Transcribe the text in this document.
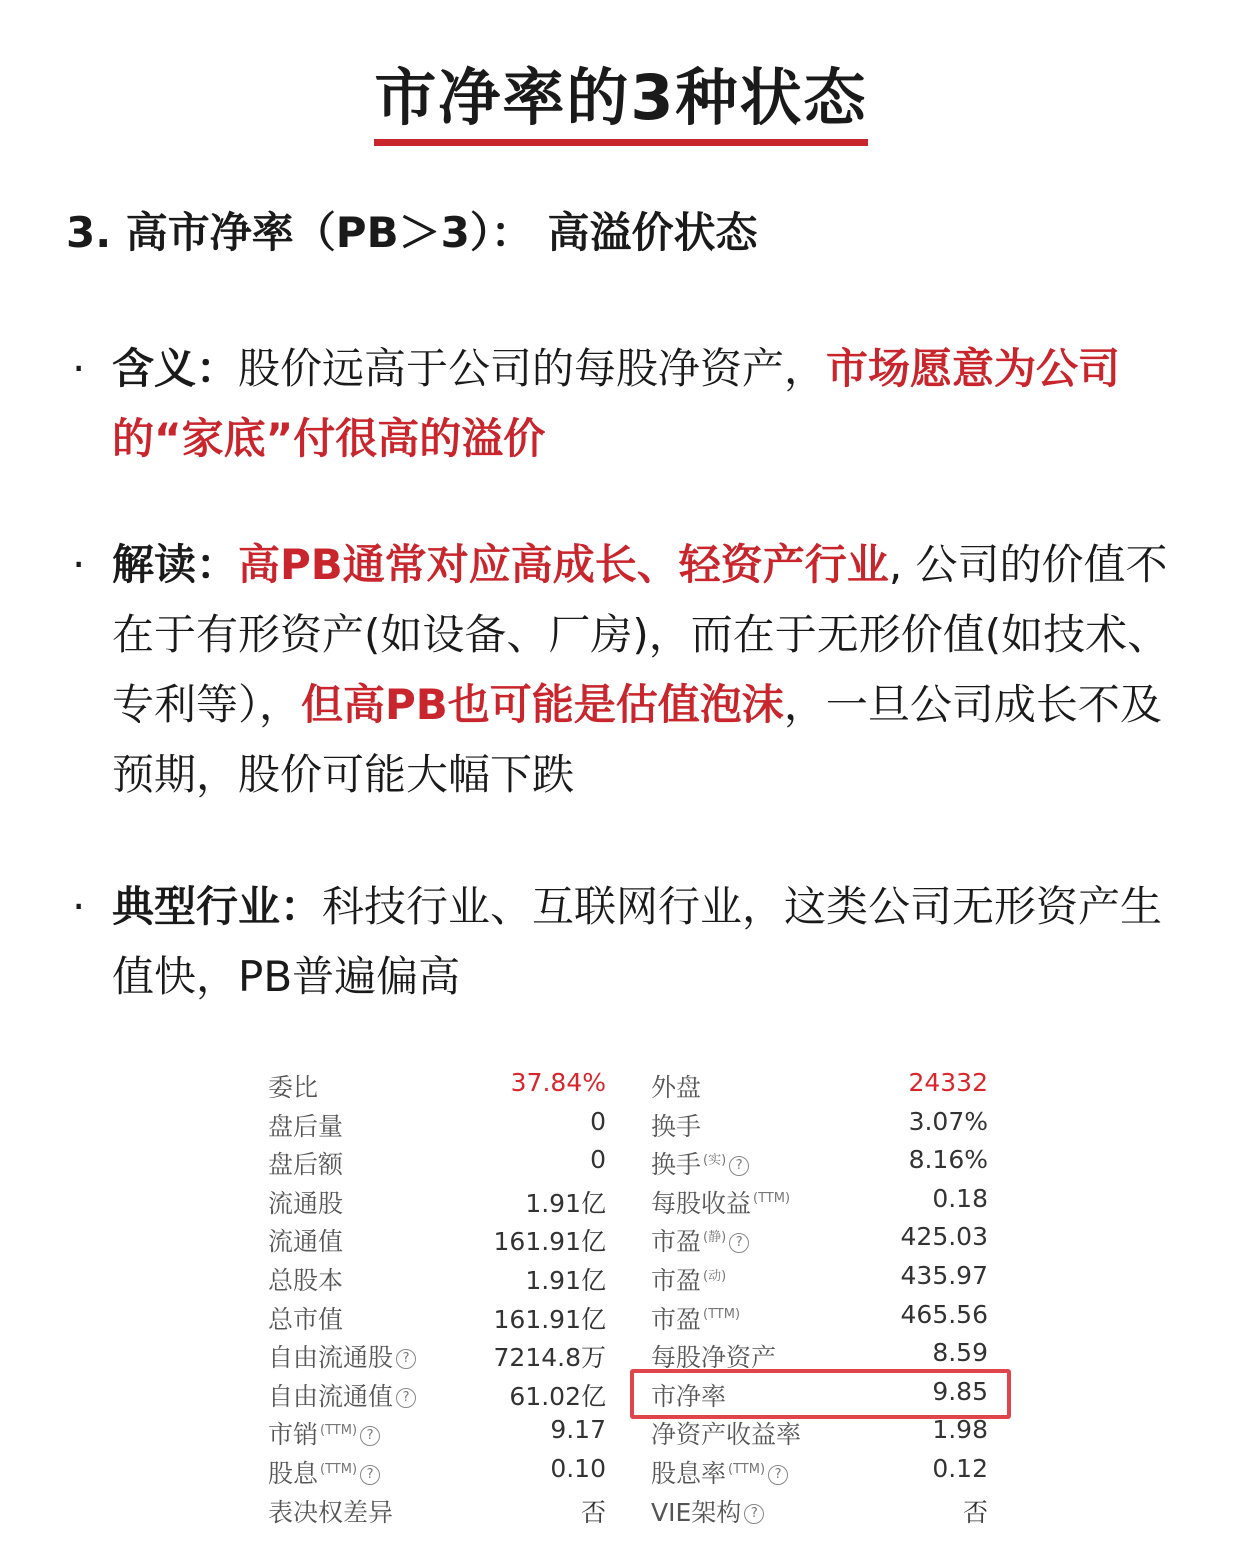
市净率的3种状态
3. 高市净率（PB＞3）： 高溢价状态
· 含义：股价远高于公司的每股净资产，市场愿意为公司的“家底”付很高的溢价
· 解读：高PB通常对应高成长、轻资产行业, 公司的价值不在于有形资产(如设备、厂房)，而在于无形价值(如技术、专利等），但高PB也可能是估值泡沫，一旦公司成长不及预期，股价可能大幅下跌
· 典型行业：科技行业、互联网行业，这类公司无形资产生值快，PB普遍偏高
委比	37.84% 外盘	24332
盘后量	0 换手	3.07%
盘后额	0 换手 $^{(实)}$ ?	8.16%
流通股	1.91亿 每股收益 $^{(TTM)}$	0.18
流通值	161.91亿 市盈 $^{(静)}$ ?	425.03
总股本	1.91亿 市盈 $^{(动)}$	435.97
总市值	161.91亿 市盈 $^{(TTM)}$	465.56
自由流通股 ?	7214.8万 每股净资产	8.59
自由流通值 ?	61.02亿 市净率	9.85
市销 $^{(TTM)}$ ?	9.17 净资产收益率	1.98
股息 $^{(TTM)}$ ?	0.10 股息率 $^{(TTM)}$ ?	0.12
表决权差异	否 VIE架构 ?	否
